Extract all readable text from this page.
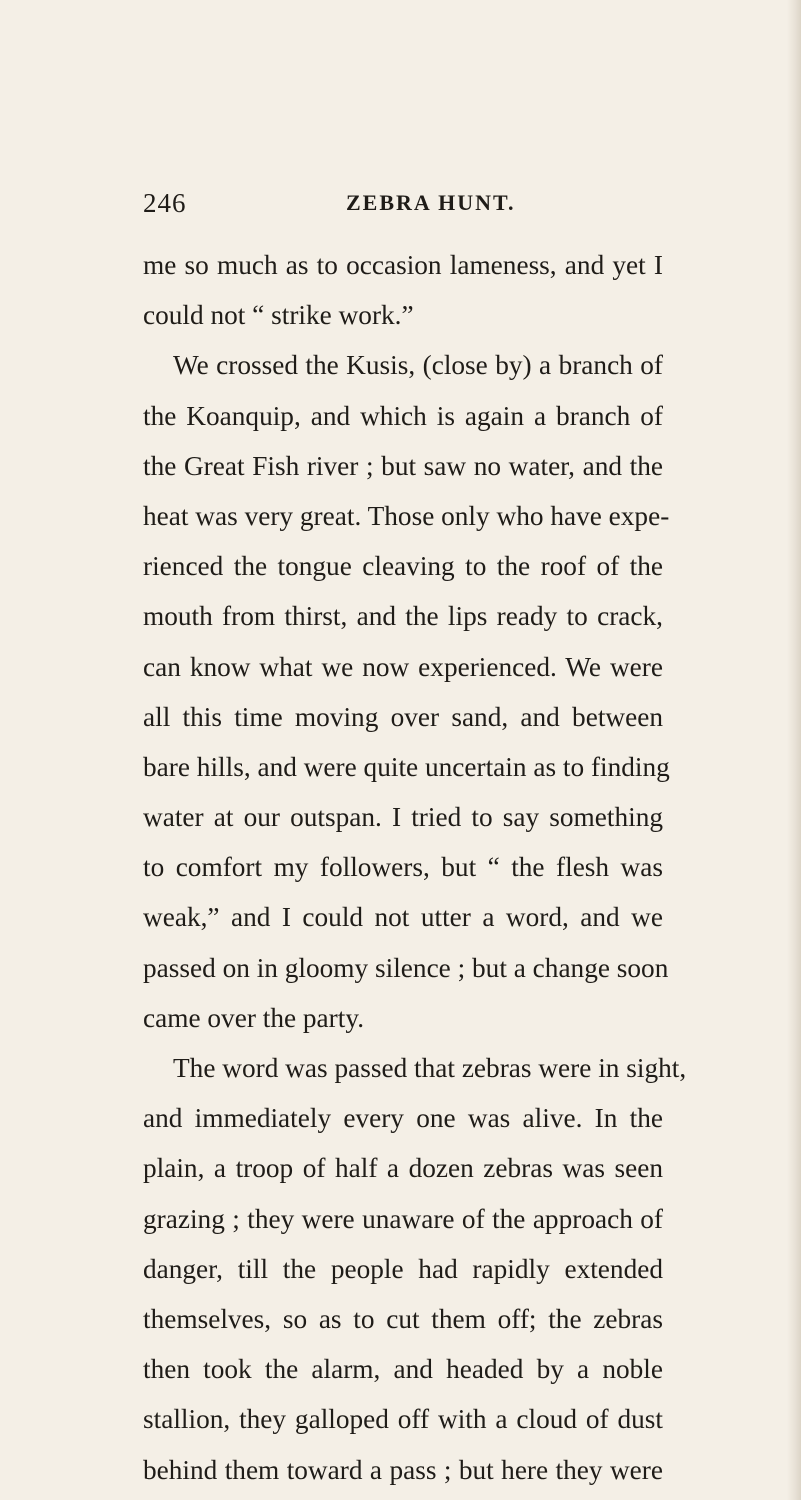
246	ZEBRA HUNT.
me so much as to occasion lameness, and yet I
could not “ strike work.”
We crossed the Kusis, (close by) a branch of
the Koanquip, and which is again a branch of
the Great Fish river ; but saw no water, and the
heat was very great. Those only who have expe-
rienced the tongue cleaving to the roof of the
mouth from thirst, and the lips ready to crack,
can know what we now experienced. We were
all this time moving over sand, and between
bare hills, and were quite uncertain as to finding
water at our outspan. I tried to say something
to comfort my followers, but “ the flesh was
weak,” and I could not utter a word, and we
passed on in gloomy silence ; but a change soon
came over the party.
The word was passed that zebras were in sight,
and immediately every one was alive. In the
plain, a troop of half a dozen zebras was seen
grazing ; they were unaware of the approach of
danger, till the people had rapidly extended
themselves, so as to cut them off; the zebras
then took the alarm, and headed by a noble
stallion, they galloped off with a cloud of dust
behind them toward a pass ; but here they were
